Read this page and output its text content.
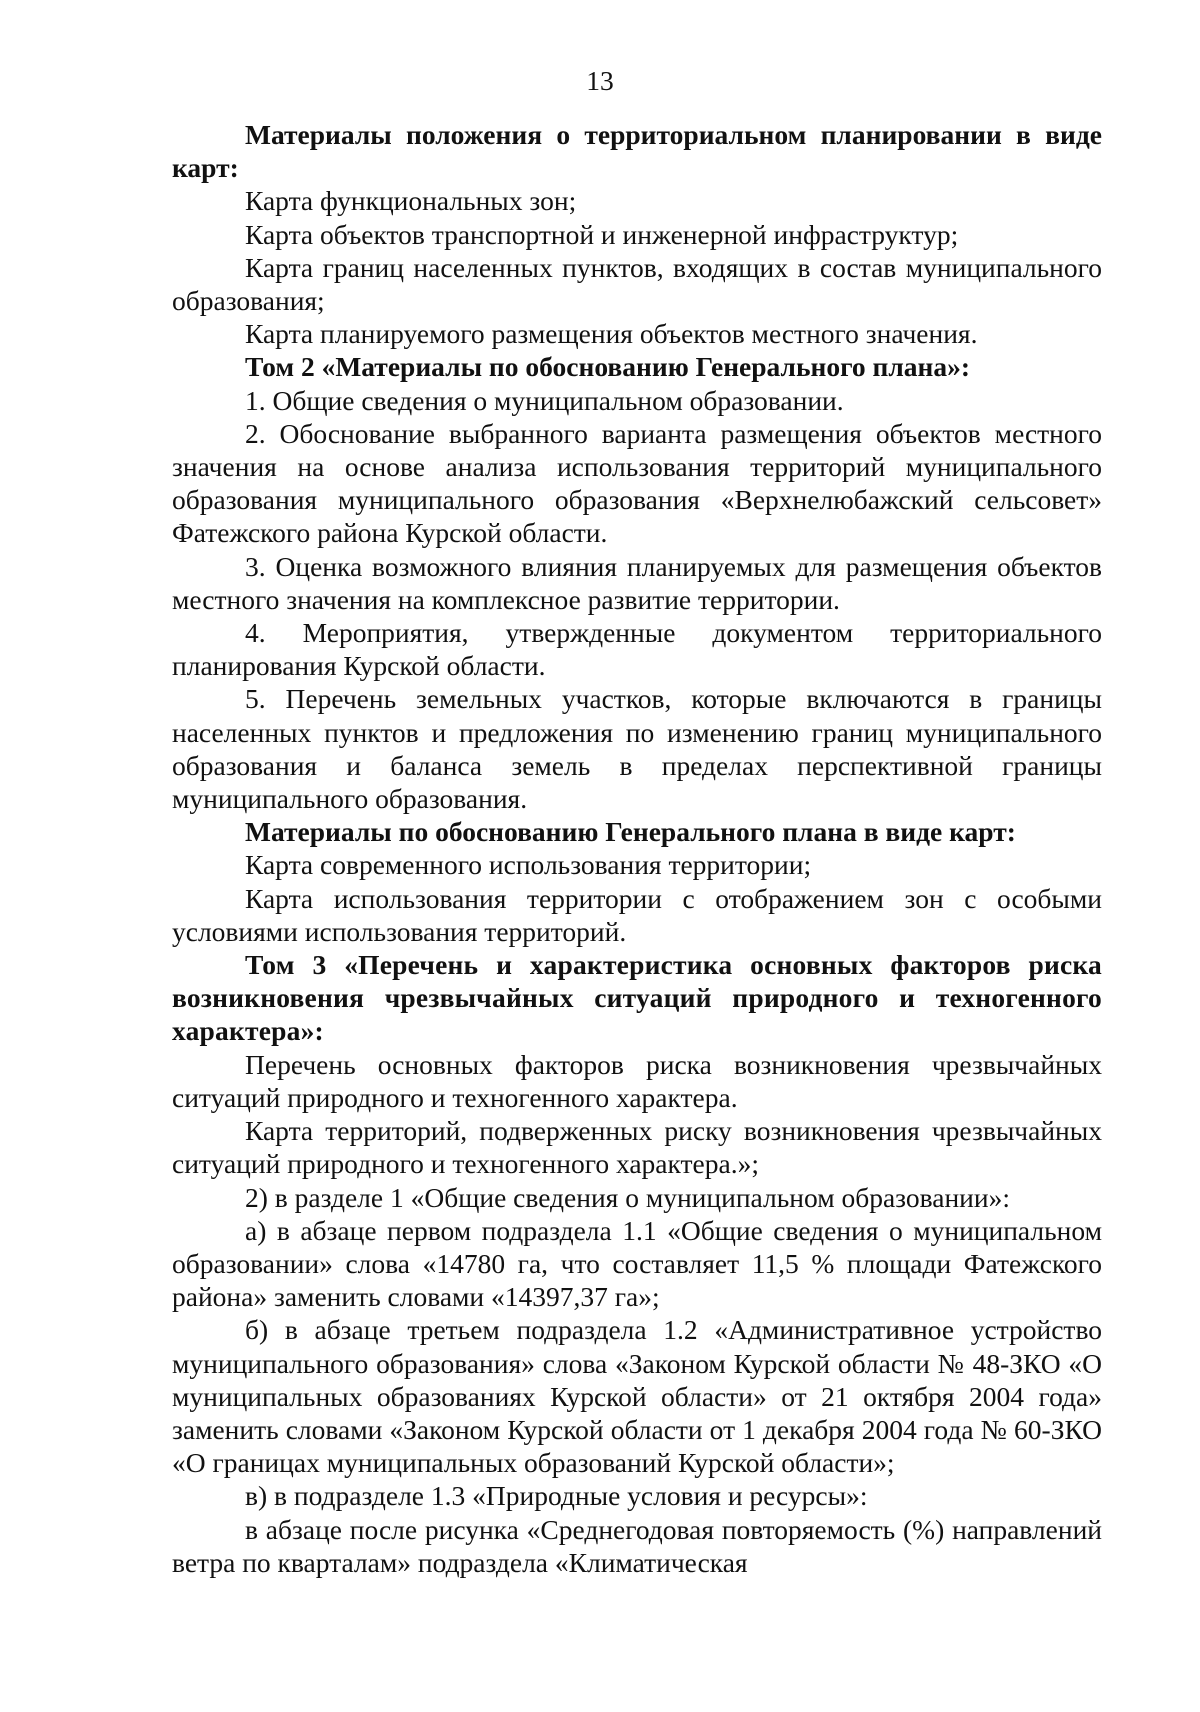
13

Материалы положения о территориальном планировании в виде карт:

Карта функциональных зон;

Карта объектов транспортной и инженерной инфраструктур;

Карта границ населенных пунктов, входящих в состав муниципального образования;

Карта планируемого размещения объектов местного значения.

Том 2 «Материалы по обоснованию Генерального плана»:

1. Общие сведения о муниципальном образовании.

2. Обоснование выбранного варианта размещения объектов местного значения на основе анализа использования территорий муниципального образования муниципального образования «Верхнелюбажский сельсовет» Фатежского района Курской области.

3. Оценка возможного влияния планируемых для размещения объектов местного значения на комплексное развитие территории.

4. Мероприятия, утвержденные документом территориального планирования Курской области.

5. Перечень земельных участков, которые включаются в границы населенных пунктов и предложения по изменению границ муниципального образования и баланса земель в пределах перспективной границы муниципального образования.

Материалы по обоснованию Генерального плана в виде карт:

Карта современного использования территории;

Карта использования территории с отображением зон с особыми условиями использования территорий.

Том 3 «Перечень и характеристика основных факторов риска возникновения чрезвычайных ситуаций природного и техногенного характера»:

Перечень основных факторов риска возникновения чрезвычайных ситуаций природного и техногенного характера.

Карта территорий, подверженных риску возникновения чрезвычайных ситуаций природного и техногенного характера.»;

2) в разделе 1 «Общие сведения о муниципальном образовании»:

а) в абзаце первом подраздела 1.1 «Общие сведения о муниципальном образовании» слова «14780 га, что составляет 11,5 % площади Фатежского района» заменить словами «14397,37 га»;

б) в абзаце третьем подраздела 1.2 «Административное устройство муниципального образования» слова «Законом Курской области № 48-ЗКО «О муниципальных образованиях Курской области» от 21 октября 2004 года» заменить словами «Законом Курской области от 1 декабря 2004 года № 60-ЗКО «О границах муниципальных образований Курской области»;

в) в подразделе 1.3 «Природные условия и ресурсы»:

в абзаце после рисунка «Среднегодовая повторяемость (%) направлений ветра по кварталам» подраздела «Климатическая
